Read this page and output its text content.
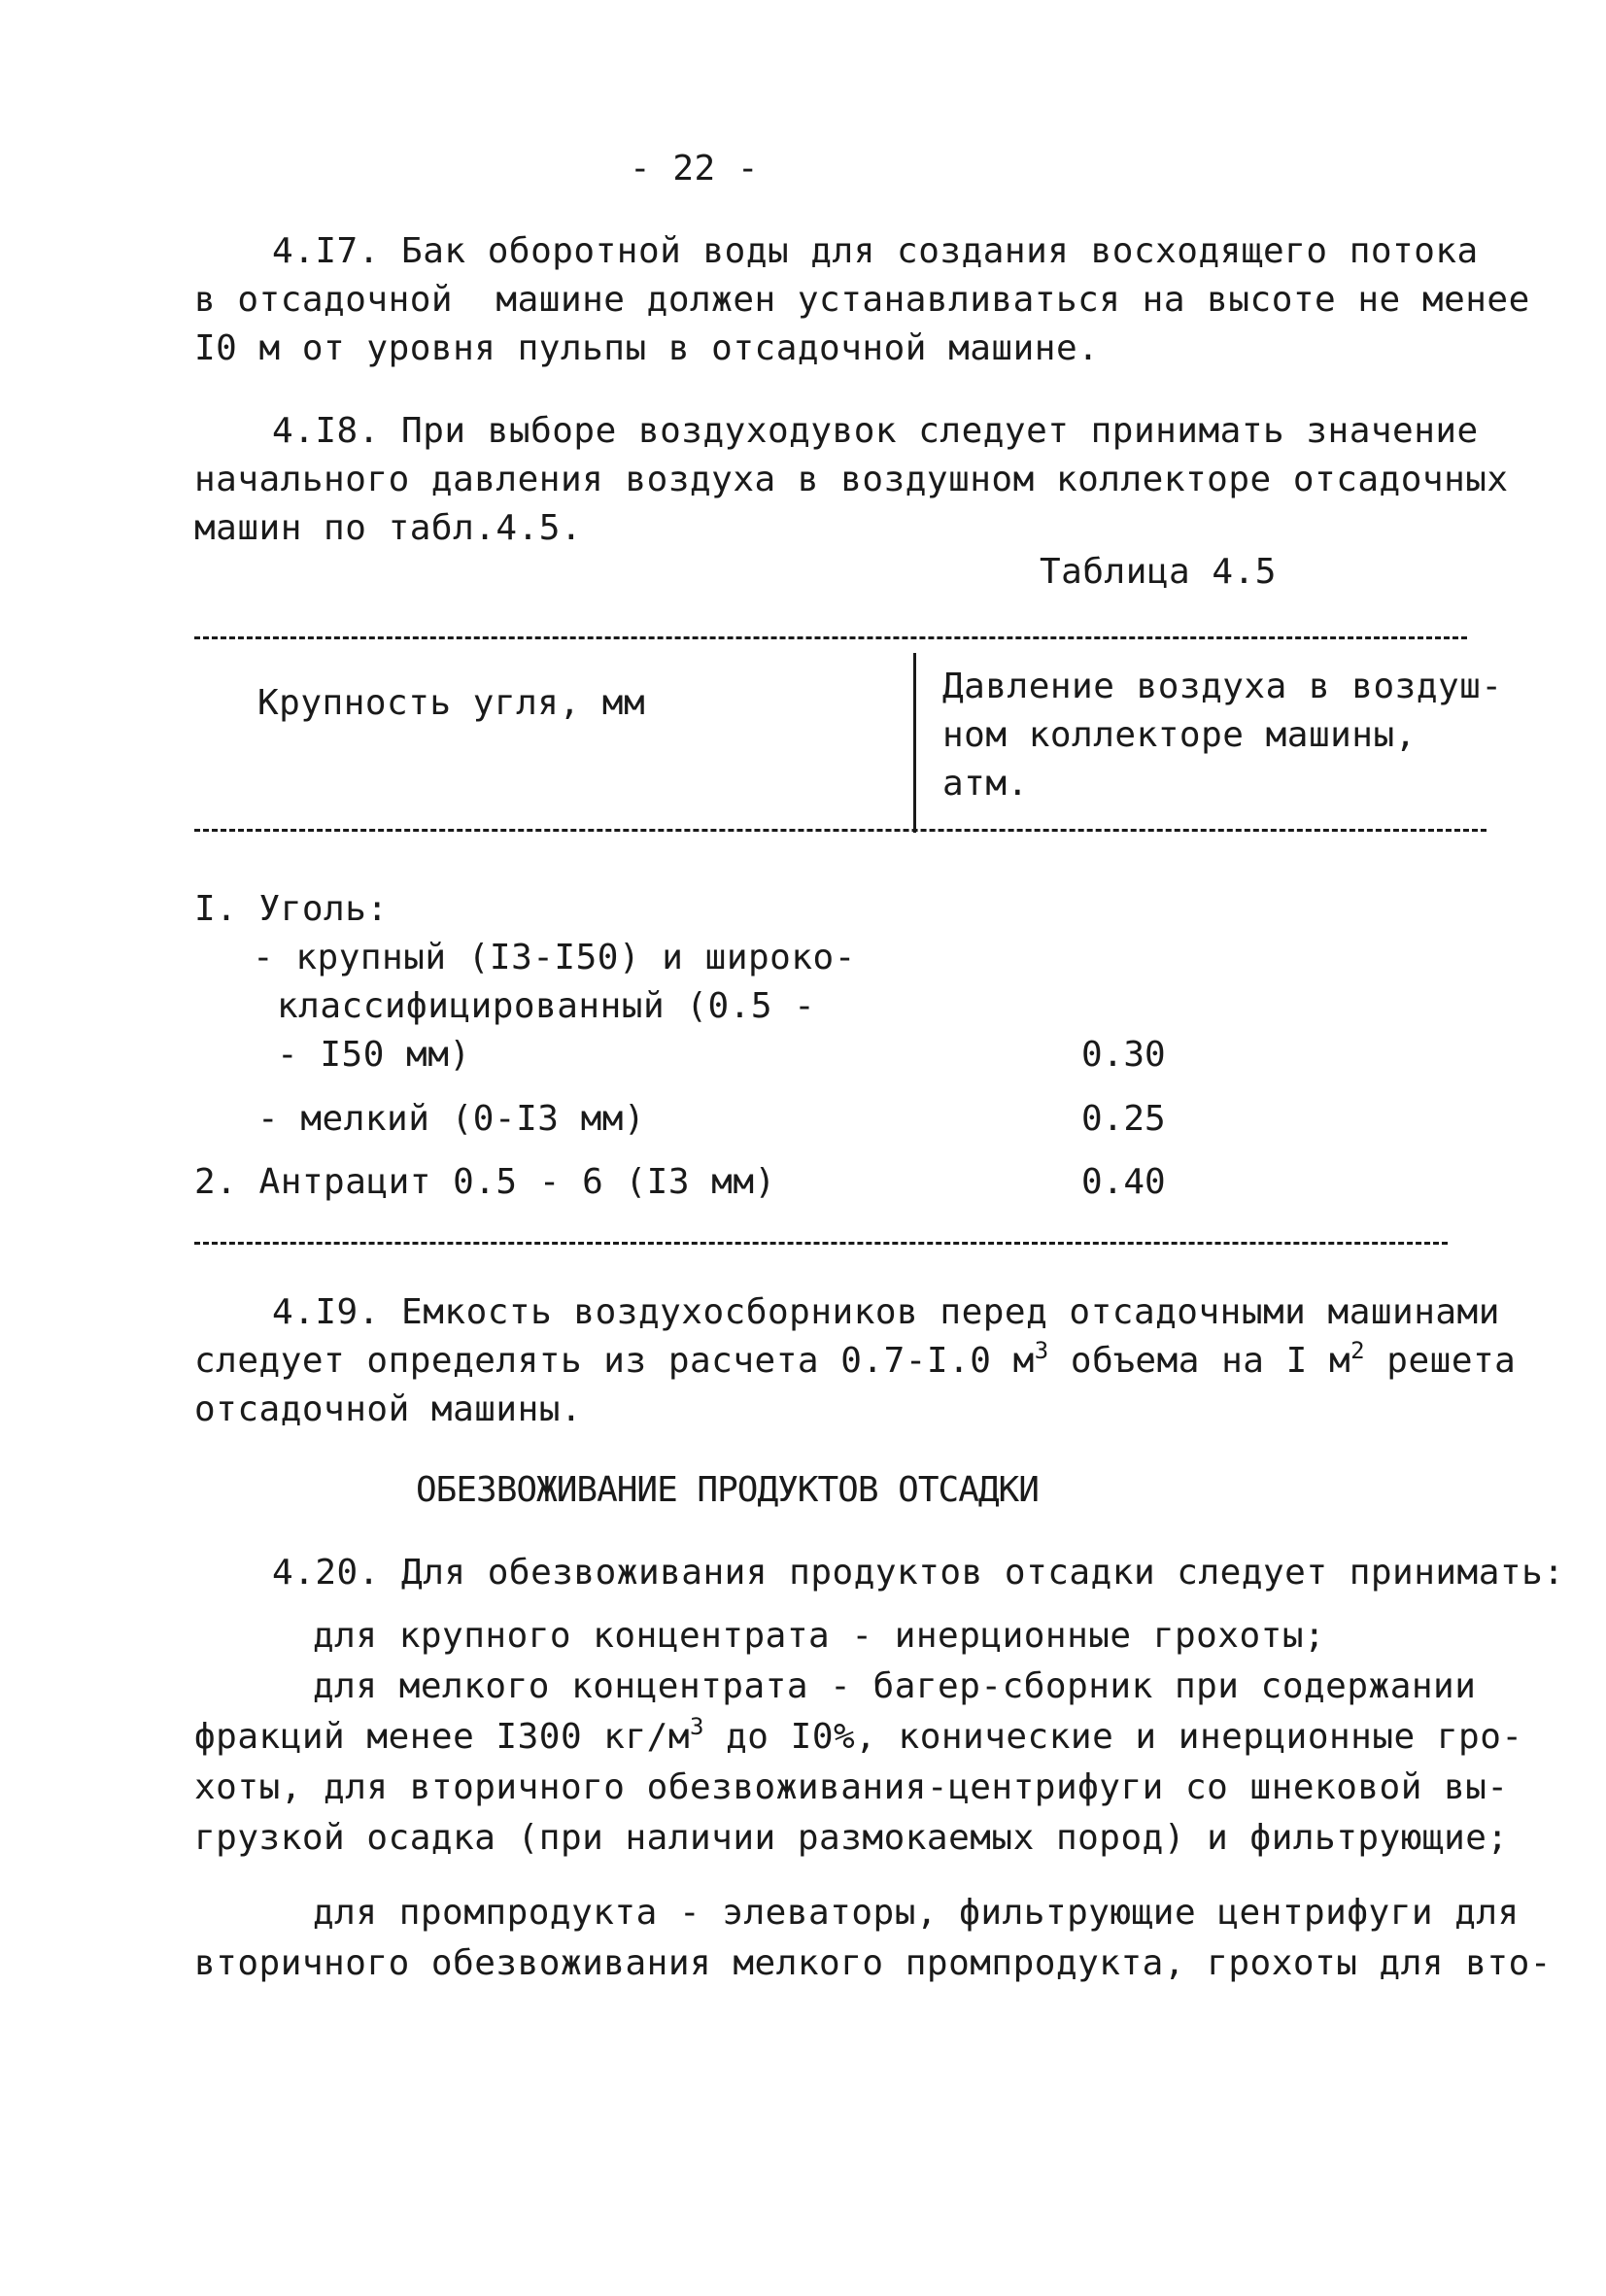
- 22 -
4.I7. Бак оборотной воды для создания восходящего потока
в отсадочной  машине должен устанавливаться на высоте не менее
I0 м от уровня пульпы в отсадочной машине.
4.I8. При выборе воздуходувок следует принимать значение
начального давления воздуха в воздушном коллекторе отсадочных
машин по табл.4.5.
Таблица 4.5
Крупность угля, мм	Давление воздуха в воздуш-
ном коллекторе машины,
атм.
I. Уголь:
- крупный (I3-I50) и широко-
классифицированный (0.5 -
- I50 мм)	0.30
- мелкий (0-I3 мм)	0.25
2. Антрацит 0.5 - 6 (I3 мм)	0.40
4.I9. Емкость воздухосборников перед отсадочными машинами
следует определять из расчета 0.7-I.0 $м^3$ объема на I $м^2$ решета
отсадочной машины.
ОБЕЗВОЖИВАНИЕ ПРОДУКТОВ ОТСАДКИ
4.20. Для обезвоживания продуктов отсадки следует принимать:
для крупного концентрата - инерционные грохоты;
для мелкого концентрата - багер-сборник при содержании
фракций менее I300 $кг/м^3$ до I0%, конические и инерционные гро-
хоты, для вторичного обезвоживания-центрифуги со шнековой вы-
грузкой осадка (при наличии размокаемых пород) и фильтрующие;
для промпродукта - элеваторы, фильтрующие центрифуги для
вторичного обезвоживания мелкого промпродукта, грохоты для вто-
